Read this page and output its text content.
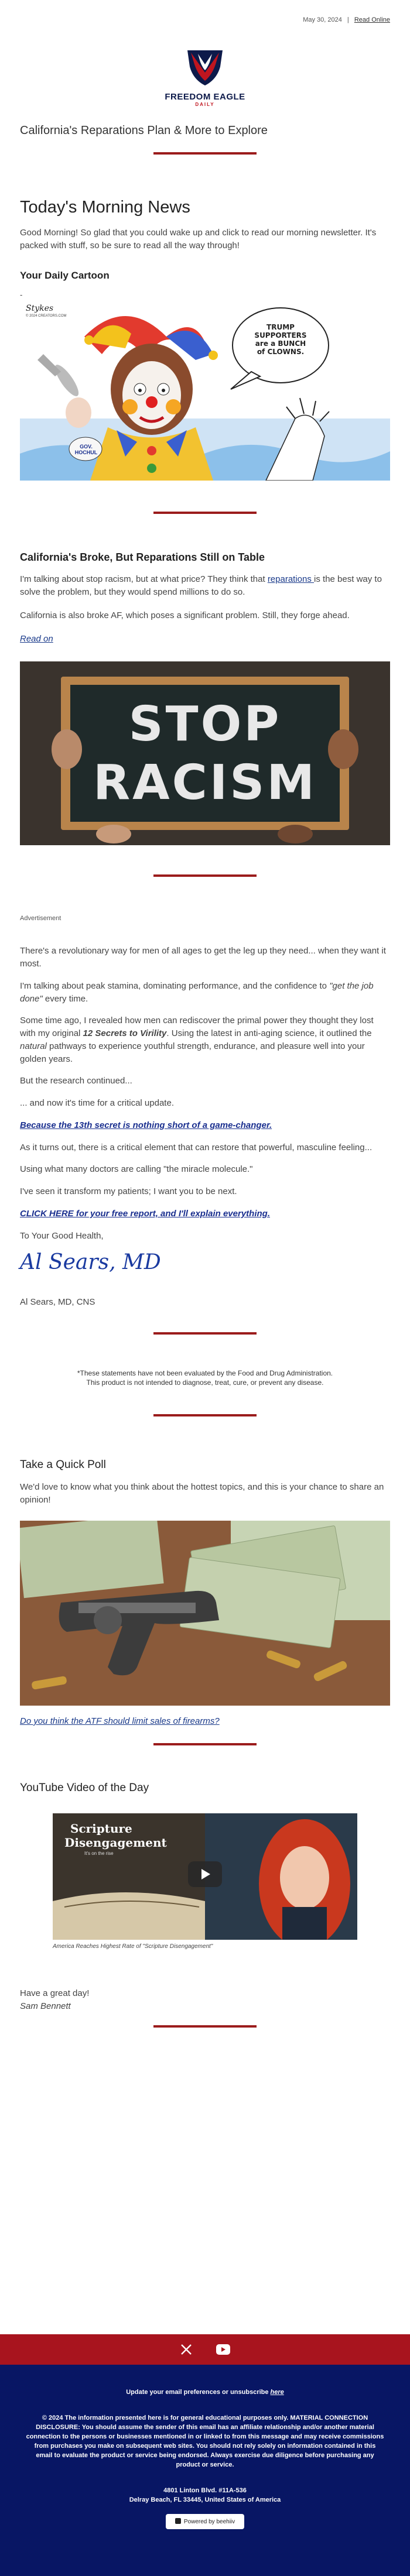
May 30, 2024 | Read Online
FREEDOM EAGLE
DAILY
California's Reparations Plan & More to Explore
Today's Morning News

Good Morning! So glad that you could wake up and click to read our morning newsletter. It's packed with stuff, so be sure to read all the way through!

Your Daily Cartoon

-

Stykes
© 2024 CREATORS.COM
TRUMP SUPPORTERS are a BUNCH of CLOWNS.
GOV. HOCHUL
California's Broke, But Reparations Still on Table

I'm talking about stop racism, but at what price? They think that reparations is the best way to solve the problem, but they would spend millions to do so.

California is also broke AF, which poses a significant problem. Still, they forge ahead.

Read on

STOP
RACISM

Advertisement

There's a revolutionary way for men of all ages to get the leg up they need... when they want it most.

I'm talking about peak stamina, dominating performance, and the confidence to "get the job done" every time.

Some time ago, I revealed how men can rediscover the primal power they thought they lost with my original 12 Secrets to Virility. Using the latest in anti-aging science, it outlined the natural pathways to experience youthful strength, endurance, and pleasure well into your golden years.

But the research continued...

... and now it's time for a critical update.

Because the 13th secret is nothing short of a game-changer.

As it turns out, there is a critical element that can restore that powerful, masculine feeling...

Using what many doctors are calling "the miracle molecule."

I've seen it transform my patients; I want you to be next.

CLICK HERE for your free report, and I'll explain everything.

To Your Good Health,

Al Sears, MD

Al Sears, MD, CNS

*These statements have not been evaluated by the Food and Drug Administration.
This product is not intended to diagnose, treat, cure, or prevent any disease.
Take a Quick Poll

We'd love to know what you think about the hottest topics, and this is your chance to share an opinion!

Do you think the ATF should limit sales of firearms?
YouTube Video of the Day
Scripture
Disengagement
It's on the rise
America Reaches Highest Rate of "Scripture Disengagement"

Have a great day!

Sam Bennett

Update your email preferences or unsubscribe here

© 2024 The information presented here is for general educational purposes only. MATERIAL CONNECTION DISCLOSURE: You should assume the sender of this email has an affiliate relationship and/or another material connection to the persons or businesses mentioned in or linked to from this message and may receive commissions from purchases you make on subsequent web sites. You should not rely solely on information contained in this email to evaluate the product or service being endorsed. Always exercise due diligence before purchasing any product or service.

4801 Linton Blvd. #11A-536

Delray Beach, FL 33445, United States of America

Powered by beehiiv
